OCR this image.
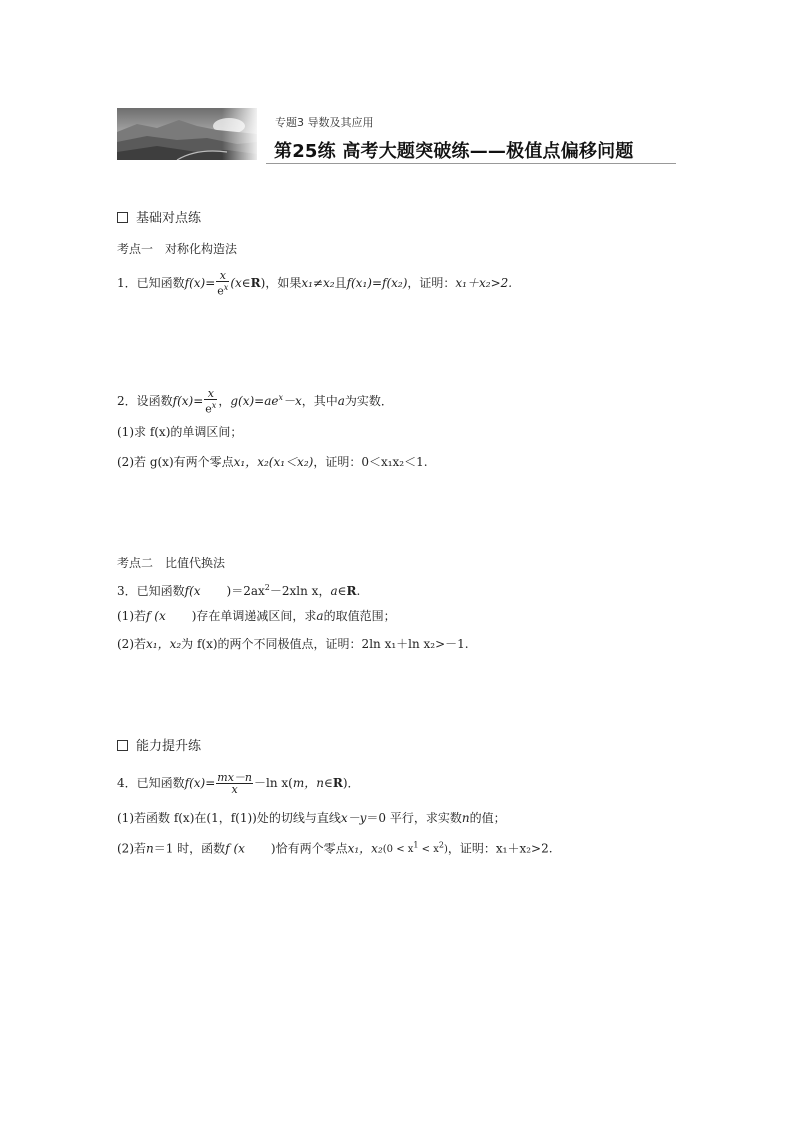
专题3 导数及其应用
第25练 高考大题突破练——极值点偏移问题
基础对点练
考点一　对称化构造法
1．已知函数$f(x)= \frac{x}{e^x}$ (x∈R)，如果x₁≠x₂且f(x₁)=f(x₂)，证明：x₁＋x₂>2.
2．设函数$f(x)= \frac{x}{e^x}$ ，$g(x)=ae^x-x$，其中a为实数．
(1)求 f(x)的单调区间；
(2)若 g(x)有两个零点x₁，x₂(x₁＜x₂)，证明：0＜x₁x₂＜1.
考点二　比值代换法
3．已知函数f(x )$=2ax^2-2xln$ x，a∈R.
(1)若f (x )存在单调递减区间，求a的取值范围；
(2)若x₁，x₂为 f(x)的两个不同极值点，证明：2ln x₁＋ln x₂>－1.
能力提升练
4．已知函数$f(x)= \frac{mx-n}{x} -\ln$ x(m，n∈R)．
(1)若函数 f(x)在(1，f(1))处的切线与直线x－y＝0 平行，求实数n的值；
(2)若n＝1 时，函数f (x )恰有两个零点x₁，$x_2(0 < x^1 < x^2)$，证明：x₁＋x₂>2.
